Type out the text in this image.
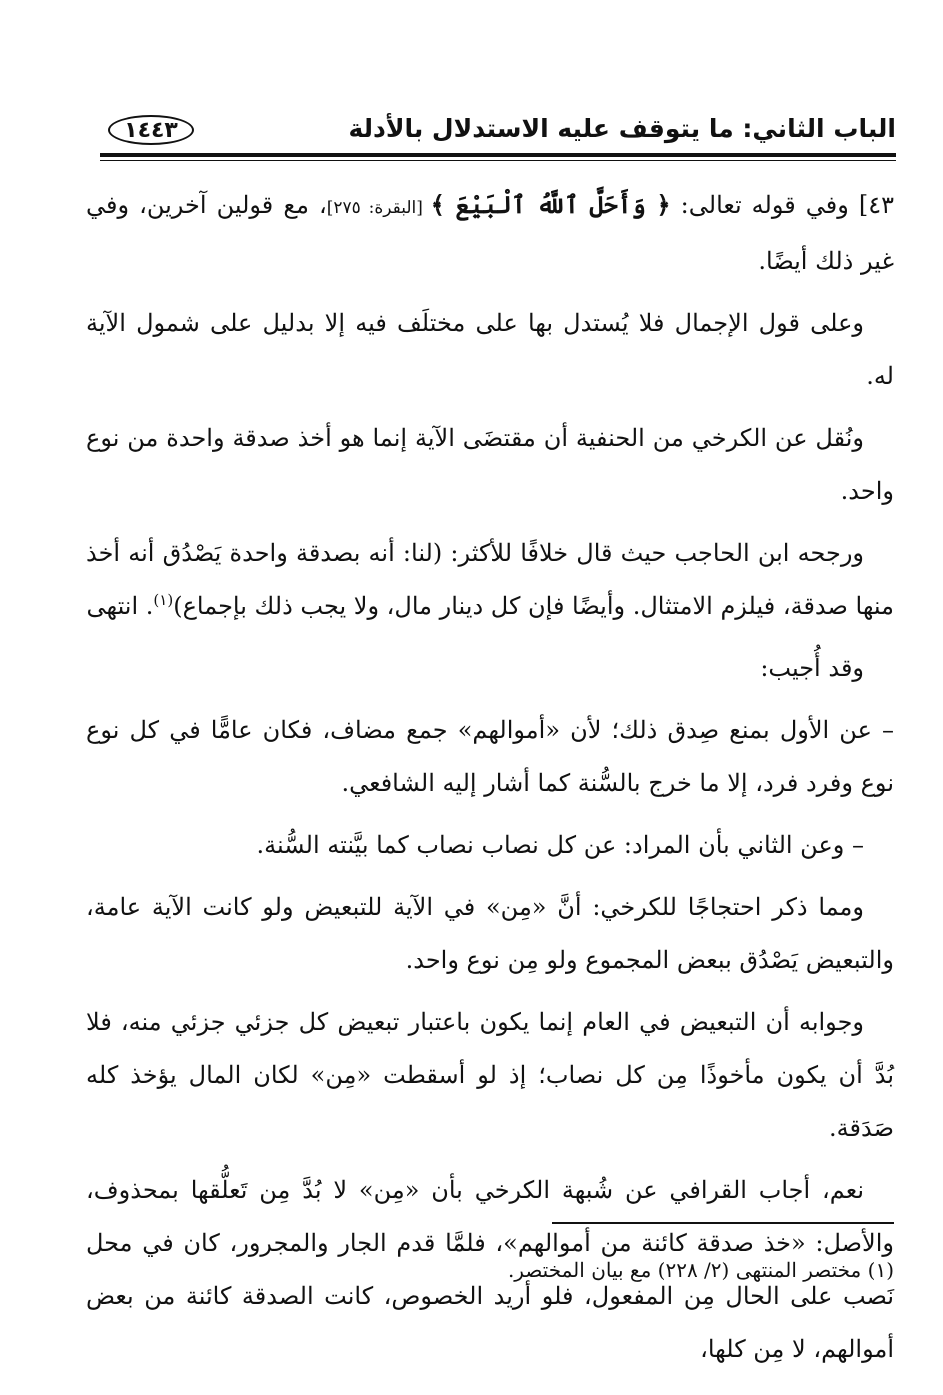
الباب الثاني: ما يتوقف عليه الاستدلال بالأدلة
١٤٤٣

٤٣] وفي قوله تعالى: ﴿ وَأَحَلَّ ٱللَّهُ ٱلْبَيْعَ ﴾ [البقرة: ٢٧٥]، مع قولين آخرين، وفي غير ذلك أيضًا.

وعلى قول الإجمال فلا يُستدل بها على مختلَف فيه إلا بدليل على شمول الآية له.

ونُقل عن الكرخي من الحنفية أن مقتضَى الآية إنما هو أخذ صدقة واحدة من نوع واحد.

ورجحه ابن الحاجب حيث قال خلافًا للأكثر: (لنا: أنه بصدقة واحدة يَصْدُق أنه أخذ منها صدقة، فيلزم الامتثال. وأيضًا فإن كل دينار مال، ولا يجب ذلك بإجماع)$^{(١)}$. انتهى

وقد أُجيب:

– عن الأول بمنع صِدق ذلك؛ لأن «أموالهم» جمع مضاف، فكان عامًّا في كل نوع نوع وفرد فرد، إلا ما خرج بالسُّنة كما أشار إليه الشافعي.

– وعن الثاني بأن المراد: عن كل نصاب نصاب كما بيَّنته السُّنة.

ومما ذكر احتجاجًا للكرخي: أنَّ «مِن» في الآية للتبعيض ولو كانت الآية عامة، والتبعيض يَصْدُق ببعض المجموع ولو مِن نوع واحد.

وجوابه أن التبعيض في العام إنما يكون باعتبار تبعيض كل جزئي جزئي منه، فلا بُدَّ أن يكون مأخوذًا مِن كل نصاب؛ إذ لو أسقطت «مِن» لكان المال يؤخذ كله صَدَقة.

نعم، أجاب القرافي عن شُبهة الكرخي بأن «مِن» لا بُدَّ مِن تَعلُّقها بمحذوف، والأصل: «خذ صدقة كائنة من أموالهم»، فلمَّا قدم الجار والمجرور، كان في محل نَصب على الحال مِن المفعول، فلو أريد الخصوص، كانت الصدقة كائنة من بعض أموالهم، لا مِن كلها،

(١) مختصر المنتهى (٢/ ٢٢٨) مع بيان المختصر.
